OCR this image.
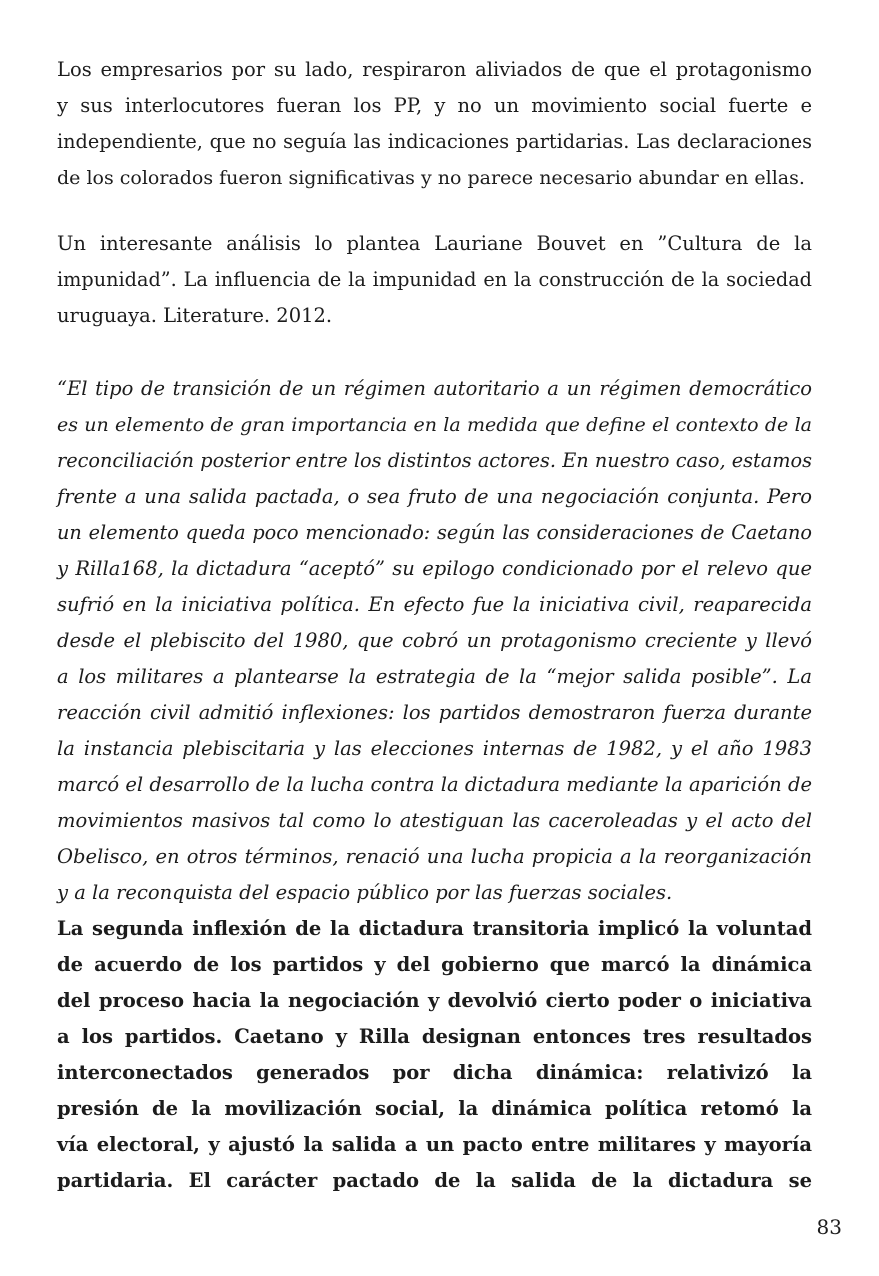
Los empresarios por su lado, respiraron aliviados de que el protagonismo
y sus interlocutores fueran los PP, y no un movimiento social fuerte e
independiente, que no seguía las indicaciones partidarias. Las declaraciones
de los colorados fueron significativas y no parece necesario abundar en ellas.

Un interesante análisis lo plantea Lauriane Bouvet en ”Cultura de la
impunidad”. La influencia de la impunidad en la construcción de la sociedad
uruguaya. Literature. 2012.

“El tipo de transición de un régimen autoritario a un régimen democrático
es un elemento de gran importancia en la medida que define el contexto de la
reconciliación posterior entre los distintos actores. En nuestro caso, estamos
frente a una salida pactada, o sea fruto de una negociación conjunta. Pero
un elemento queda poco mencionado: según las consideraciones de Caetano
y Rilla168, la dictadura “aceptó” su epilogo condicionado por el relevo que
sufrió en la iniciativa política. En efecto fue la iniciativa civil, reaparecida
desde el plebiscito del 1980, que cobró un protagonismo creciente y llevó
a los militares a plantearse la estrategia de la “mejor salida posible”. La
reacción civil admitió inflexiones: los partidos demostraron fuerza durante
la instancia plebiscitaria y las elecciones internas de 1982, y el año 1983
marcó el desarrollo de la lucha contra la dictadura mediante la aparición de
movimientos masivos tal como lo atestiguan las caceroleadas y el acto del
Obelisco, en otros términos, renació una lucha propicia a la reorganización
y a la reconquista del espacio público por las fuerzas sociales.

La segunda inflexión de la dictadura transitoria implicó la voluntad
de acuerdo de los partidos y del gobierno que marcó la dinámica
del proceso hacia la negociación y devolvió cierto poder o iniciativa
a los partidos. Caetano y Rilla designan entonces tres resultados
interconectados generados por dicha dinámica: relativizó la
presión de la movilización social, la dinámica política retomó la
vía electoral, y ajustó la salida a un pacto entre militares y mayoría
partidaria. El carácter pactado de la salida de la dictadura se

83
